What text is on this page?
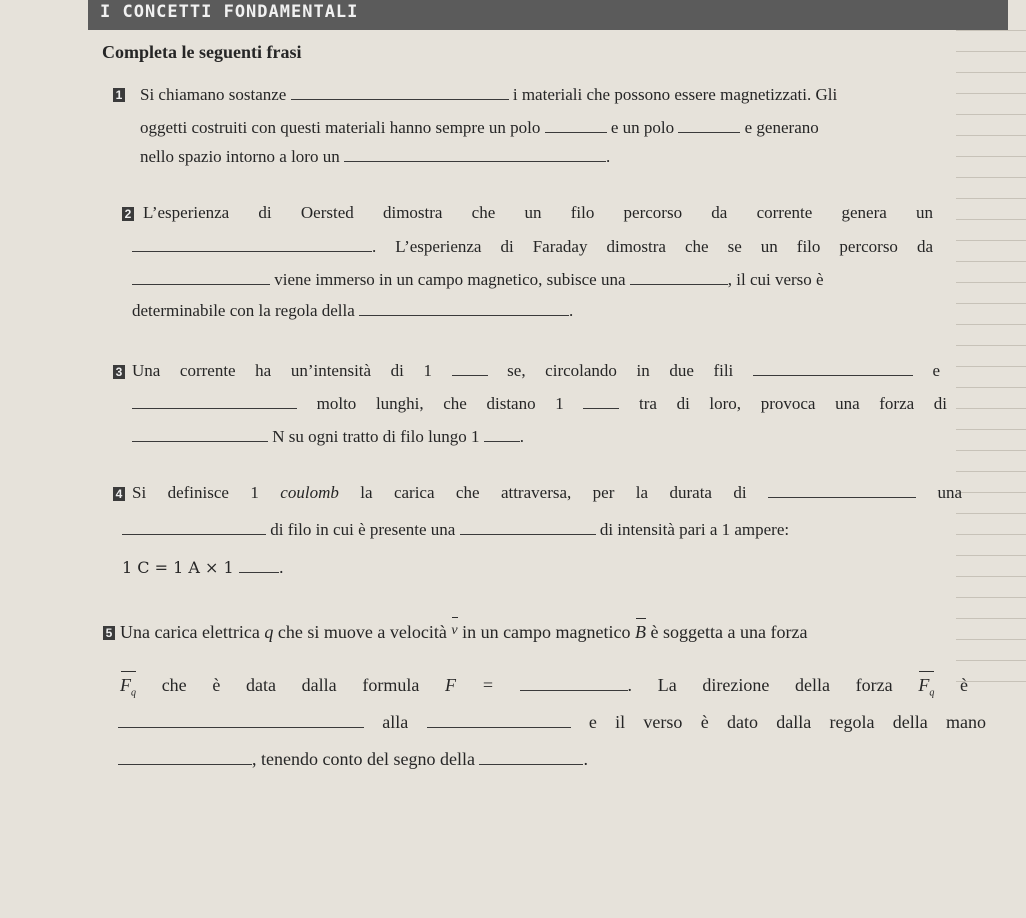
I CONCETTI FONDAMENTALI
Completa le seguenti frasi
1 Si chiamano sostanze	i materiali che possono essere magnetizzati. Gli
oggetti costruiti con questi materiali hanno sempre un polo	e un polo	e generano
nello spazio intorno a loro un	.
2 L’esperienza di Oersted dimostra che un filo percorso da corrente genera un
. L’esperienza di Faraday dimostra che se un filo percorso da
viene immerso in un campo magnetico, subisce una	, il cui verso è
determinabile con la regola della	.
3 Una corrente ha un’intensità di 1	se, circolando in due fili	e
molto lunghi, che distano 1	tra di loro, provoca una forza di
N su ogni tratto di filo lungo 1 .
4 Si definisce 1 coulomb la carica che attraversa, per la durata di	una
di filo in cui è presente una	di intensità pari a 1 ampere:
1 C = 1 A × 1	.
5 Una carica elettrica q che si muove a velocità v in un campo magnetico B è soggetta a una forza
$F_q$ che è data dalla formula F =	. La direzione della forza $F_q$ è
alla	e il verso è dato dalla regola della mano
, tenendo conto del segno della	.
